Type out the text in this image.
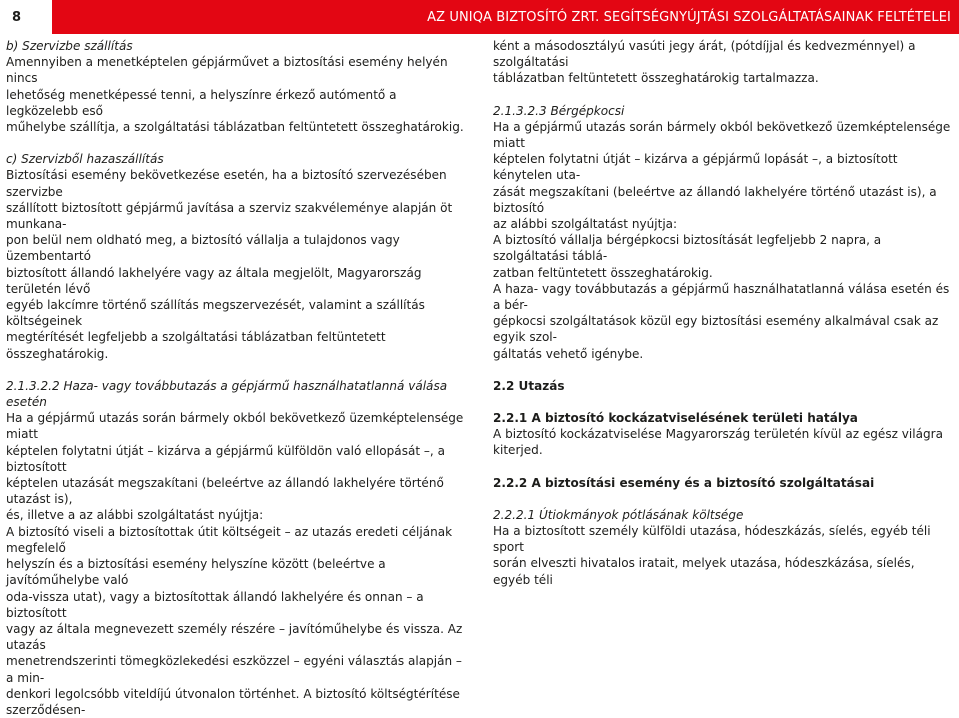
8	AZ UNIQA BIZTOSÍTÓ ZRT. SEGÍTSÉGNYÚJTÁSI SZOLGÁLTATÁSAINAK FELTÉTELEI

b) Szervizbe szállítás

Amennyiben a menetképtelen gépjárművet a biztosítási esemény helyén nincs

lehetőség menetképessé tenni, a helyszínre érkező autómentő a legközelebb eső

műhelybe szállítja, a szolgáltatási táblázatban feltüntetett összeghatárokig.

c) Szervizből hazaszállítás

Biztosítási esemény bekövetkezése esetén, ha a biztosító szervezésében szervizbe

szállított biztosított gépjármű javítása a szerviz szakvéleménye alapján öt munkana-

pon belül nem oldható meg, a biztosító vállalja a tulajdonos vagy üzembentartó

biztosított állandó lakhelyére vagy az általa megjelölt, Magyarország területén lévő

egyéb lakcímre történő szállítás megszervezését, valamint a szállítás költségeinek

megtérítését legfeljebb a szolgáltatási táblázatban feltüntetett összeghatárokig.

2.1.3.2.2 Haza- vagy továbbutazás a gépjármű használhatatlanná válása esetén

Ha a gépjármű utazás során bármely okból bekövetkező üzemképtelensége miatt

képtelen folytatni útját – kizárva a gépjármű külföldön való ellopását –, a biztosított

képtelen utazását megszakítani (beleértve az állandó lakhelyére történő utazást is),

és, illetve a az alábbi szolgáltatást nyújtja:

A biztosító viseli a biztosítottak útit költségeit – az utazás eredeti céljának megfelelő

helyszín és a biztosítási esemény helyszíne között (beleértve a javítóműhelybe való

oda-vissza utat), vagy a biztosítottak állandó lakhelyére és onnan – a biztosított

vagy az általa megnevezett személy részére – javítóműhelybe és vissza. Az utazás

menetrendszerinti tömegközlekedési eszközzel – egyéni választás alapján – a min-

denkori legolcsóbb viteldíjú útvonalon történhet. A biztosító költségtérítése szerződésen-

ként a másodosztályú vasúti jegy árát, (pótdíjjal és kedvezménnyel) a szolgáltatási

táblázatban feltüntetett összeghatárokig tartalmazza.

2.1.3.2.3 Bérgépkocsi

Ha a gépjármű utazás során bármely okból bekövetkező üzemképtelensége miatt

képtelen folytatni útját – kizárva a gépjármű lopását –, a biztosított kénytelen uta-

zását megszakítani (beleértve az állandó lakhelyére történő utazást is), a biztosító

az alábbi szolgáltatást nyújtja:

A biztosító vállalja bérgépkocsi biztosítását legfeljebb 2 napra, a szolgáltatási táblá-

zatban feltüntetett összeghatárokig.

A haza- vagy továbbutazás a gépjármű használhatatlanná válása esetén és a bér-

gépkocsi szolgáltatások közül egy biztosítási esemény alkalmával csak az egyik szol-

gáltatás vehető igénybe.

2.2 Utazás

2.2.1 A biztosító kockázatviselésének területi hatálya

A biztosító kockázatviselése Magyarország területén kívül az egész világra kiterjed.

2.2.2 A biztosítási esemény és a biztosító szolgáltatásai

2.2.2.1 Útiokmányok pótlásának költsége

Ha a biztosított személy külföldi utazása, hódeszkázás, síelés, egyéb téli sport

során elveszti hivatalos iratait, melyek utazása, hódeszkázása, síelés, egyéb téli
